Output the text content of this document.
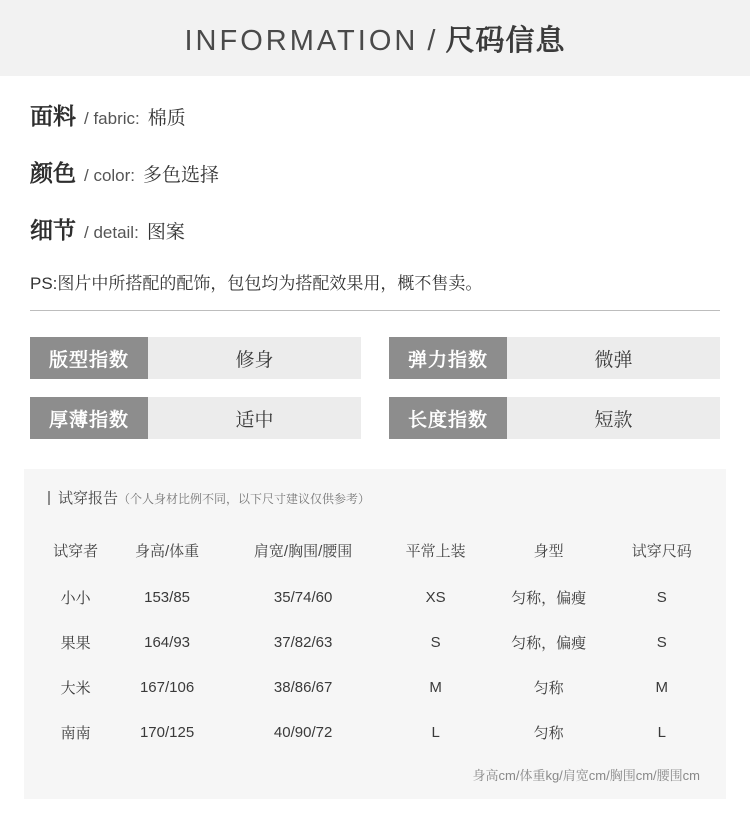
INFORMATION / 尺码信息
面料 / fabric: 棉质
颜色 / color: 多色选择
细节 / detail: 图案
PS:图片中所搭配的配饰，包包均为搭配效果用，概不售卖。
版型指数	修身	弹力指数	微弹
厚薄指数	适中	长度指数	短款
试穿报告 （个人身材比例不同，以下尺寸建议仅供参考）
试穿者	身高/体重	肩宽/胸围/腰围	平常上装	身型	试穿尺码
小小	153/85	35/74/60	XS	匀称，偏瘦	S
果果	164/93	37/82/63	S	匀称，偏瘦	S
大米	167/106	38/86/67	M	匀称	M
南南	170/125	40/90/72	L	匀称	L
身高cm/体重kg/肩宽cm/胸围cm/腰围cm
